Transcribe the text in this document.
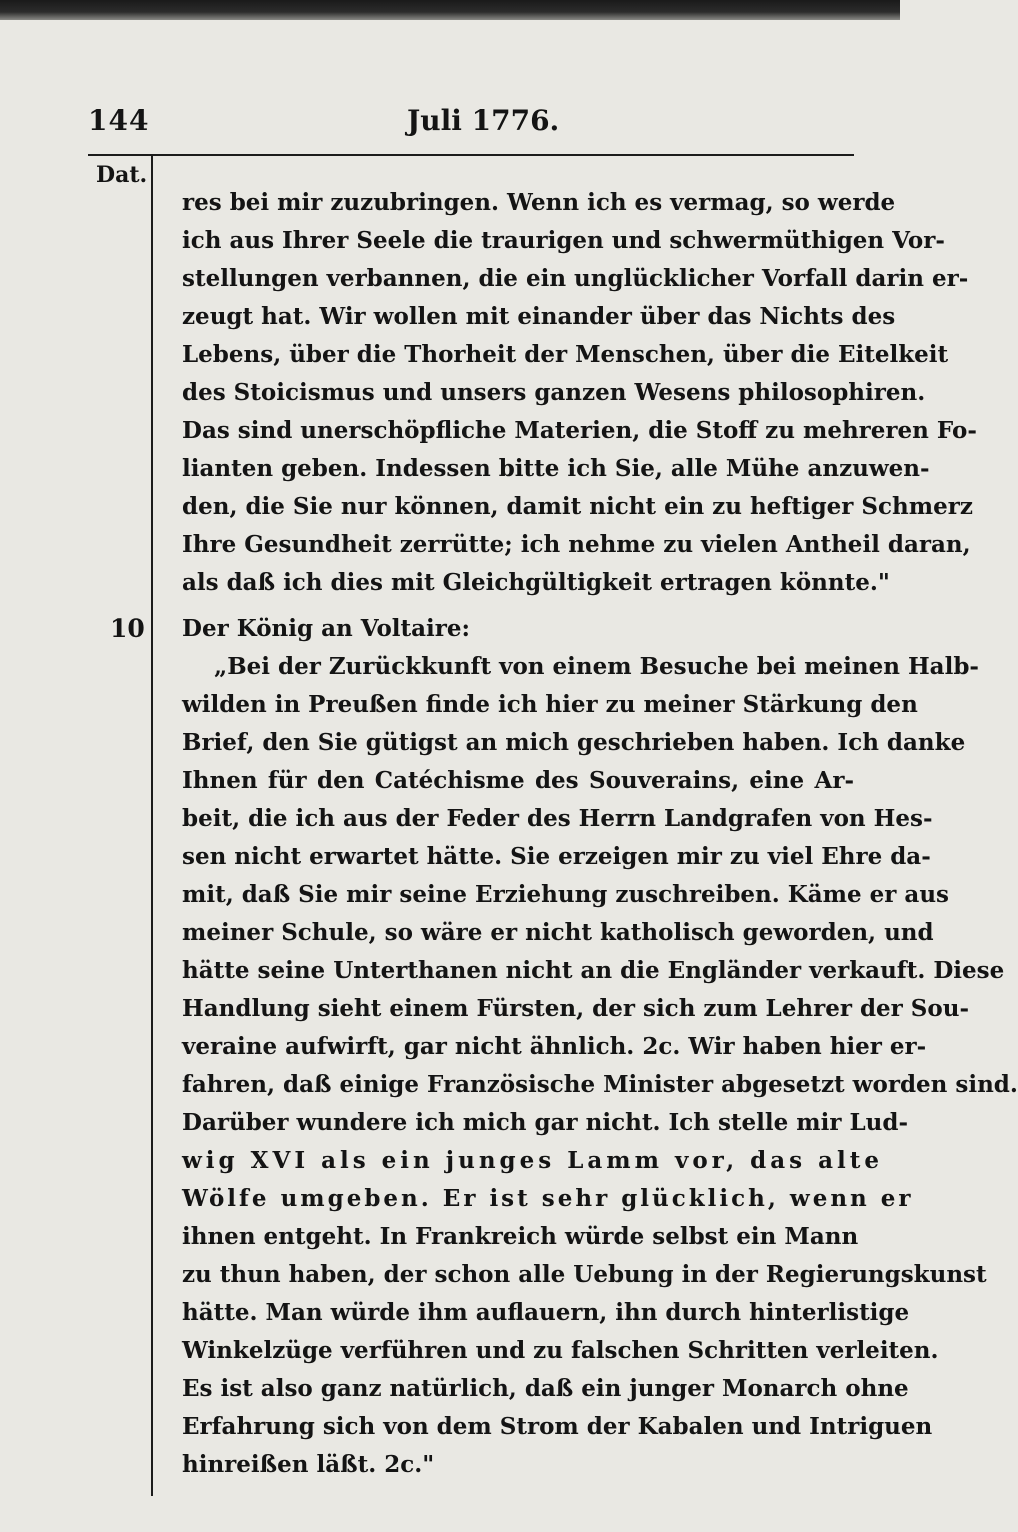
144	Juli 1776.
Dat.
10

res bei mir zuzubringen. Wenn ich es vermag, so werde
ich aus Ihrer Seele die traurigen und schwermüthigen Vor-
stellungen verbannen, die ein unglücklicher Vorfall darin er-
zeugt hat. Wir wollen mit einander über das Nichts des
Lebens, über die Thorheit der Menschen, über die Eitelkeit
des Stoicismus und unsers ganzen Wesens philosophiren.
Das sind unerschöpfliche Materien, die Stoff zu mehreren Fo-
lianten geben. Indessen bitte ich Sie, alle Mühe anzuwen-
den, die Sie nur können, damit nicht ein zu heftiger Schmerz
Ihre Gesundheit zerrütte; ich nehme zu vielen Antheil daran,
als daß ich dies mit Gleichgültigkeit ertragen könnte."
Der König an Voltaire:
„Bei der Zurückkunft von einem Besuche bei meinen Halb-
wilden in Preußen finde ich hier zu meiner Stärkung den
Brief, den Sie gütigst an mich geschrieben haben. Ich danke
Ihnen für den Catéchisme des Souverains, eine Ar-
beit, die ich aus der Feder des Herrn Landgrafen von Hes-
sen nicht erwartet hätte. Sie erzeigen mir zu viel Ehre da-
mit, daß Sie mir seine Erziehung zuschreiben. Käme er aus
meiner Schule, so wäre er nicht katholisch geworden, und
hätte seine Unterthanen nicht an die Engländer verkauft. Diese
Handlung sieht einem Fürsten, der sich zum Lehrer der Sou-
veraine aufwirft, gar nicht ähnlich. 2c. Wir haben hier er-
fahren, daß einige Französische Minister abgesetzt worden sind.
Darüber wundere ich mich gar nicht. Ich stelle mir Lud-
wig XVI als ein junges Lamm vor, das alte
Wölfe umgeben. Er ist sehr glücklich, wenn er
ihnen entgeht. In Frankreich würde selbst ein Mann
zu thun haben, der schon alle Uebung in der Regierungskunst
hätte. Man würde ihm auflauern, ihn durch hinterlistige
Winkelzüge verführen und zu falschen Schritten verleiten.
Es ist also ganz natürlich, daß ein junger Monarch ohne
Erfahrung sich von dem Strom der Kabalen und Intriguen
hinreißen läßt. 2c."
